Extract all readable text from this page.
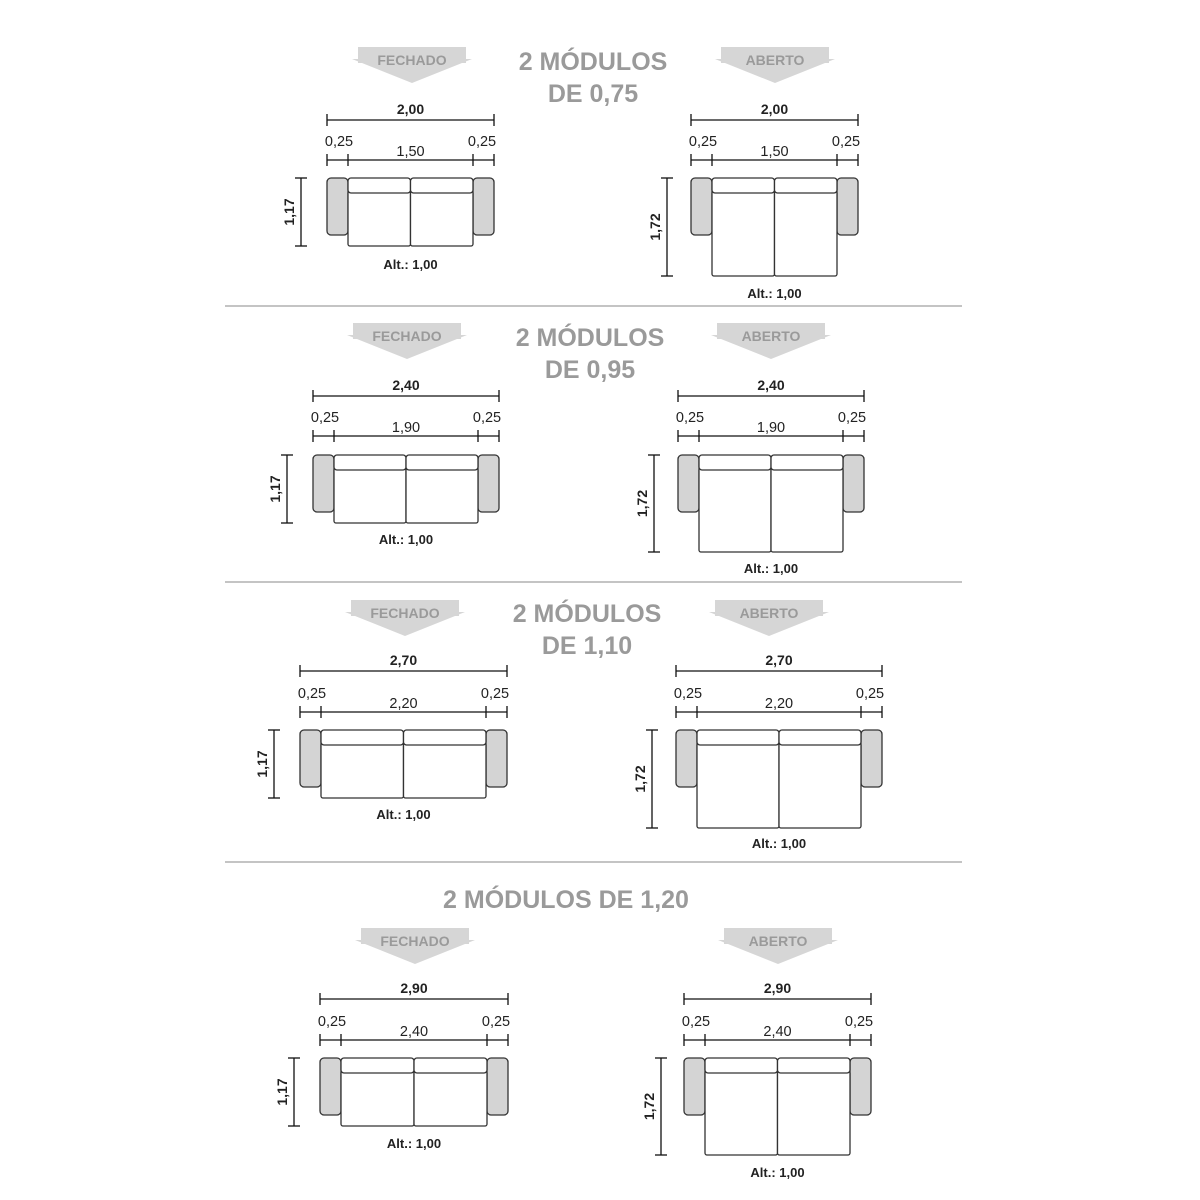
2 MÓDULOS
DE 0,75
FECHADO
2,00
0,25
1,50
0,25
1,17
Alt.: 1,00
ABERTO
2,00
0,25
1,50
0,25
1,72
Alt.: 1,00
2 MÓDULOS
DE 0,95
FECHADO
2,40
0,25
1,90
0,25
1,17
Alt.: 1,00
ABERTO
2,40
0,25
1,90
0,25
1,72
Alt.: 1,00
2 MÓDULOS
DE 1,10
FECHADO
2,70
0,25
2,20
0,25
1,17
Alt.: 1,00
ABERTO
2,70
0,25
2,20
0,25
1,72
Alt.: 1,00
2 MÓDULOS DE 1,20
FECHADO
2,90
0,25
2,40
0,25
1,17
Alt.: 1,00
ABERTO
2,90
0,25
2,40
0,25
1,72
Alt.: 1,00
